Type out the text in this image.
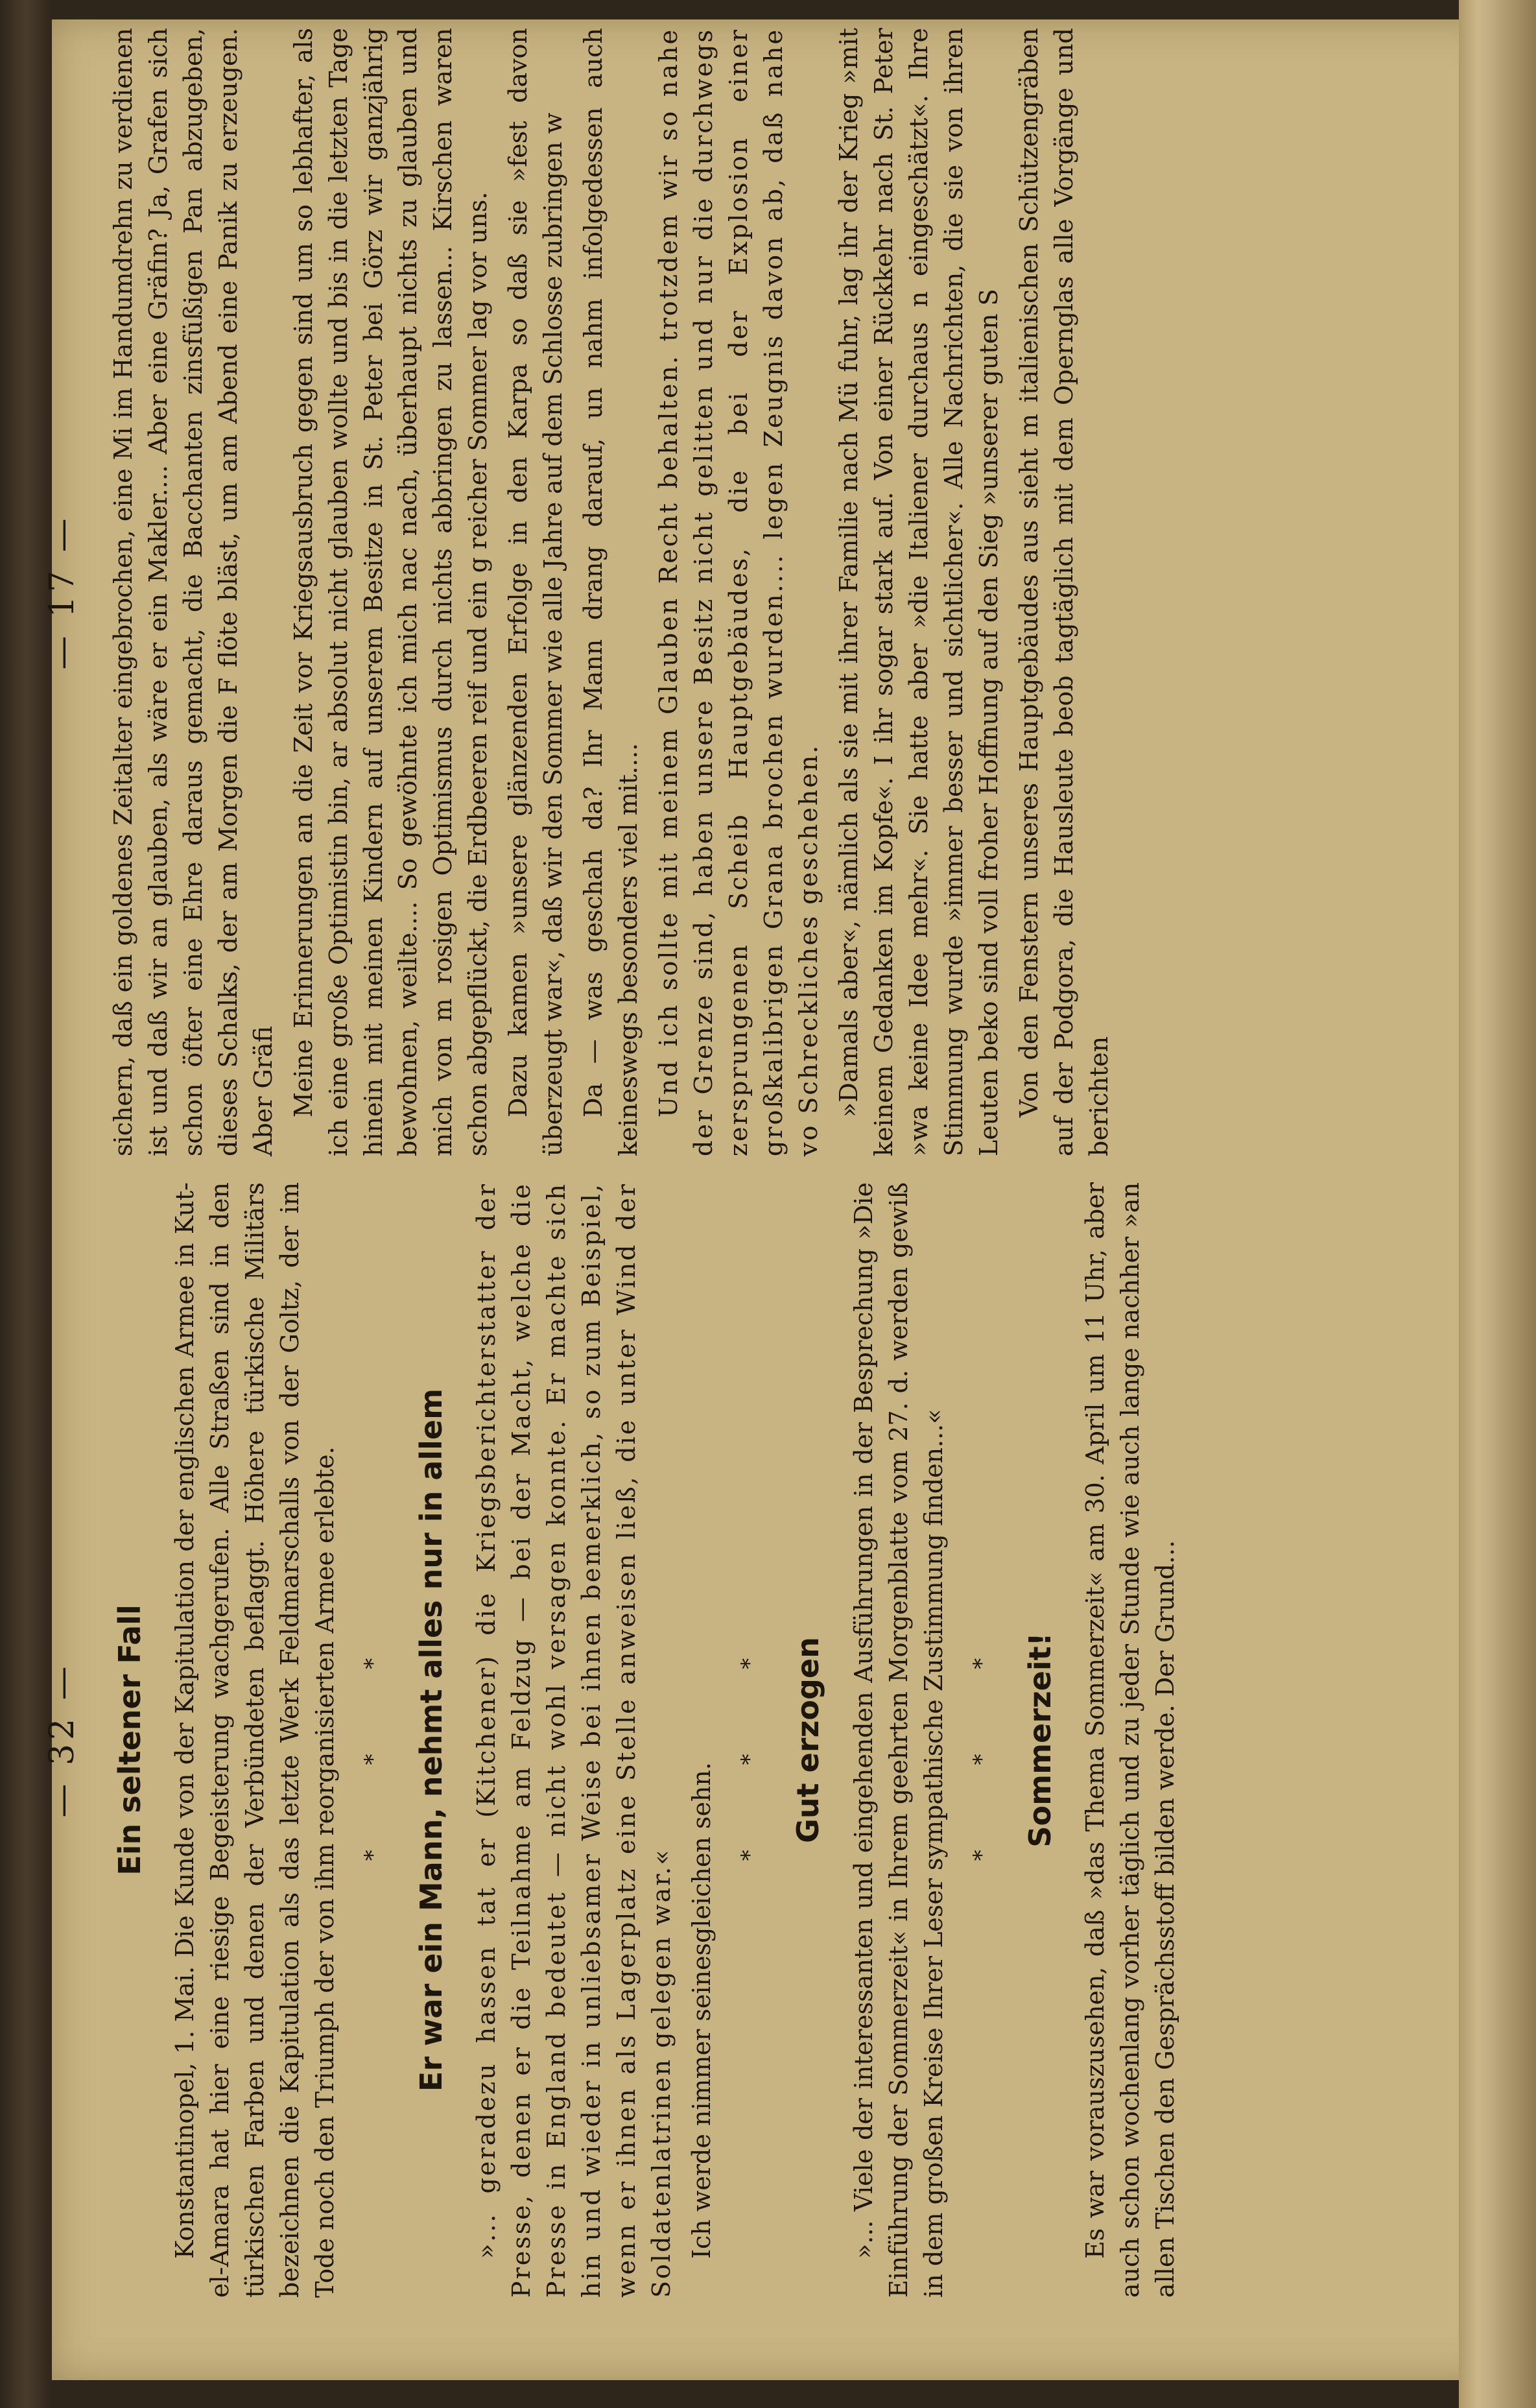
— 32 — Ein seltener Fall Konstantinopel, 1. Mai. Die Kunde von der Kapitulation der englischen Armee in Kut-el-Amara hat hier eine riesige Begeisterung wachgerufen. Alle Straßen sind in den türkischen Farben und denen der Verbündeten beflaggt. Höhere türkische Militärs bezeichnen die Kapitulation als das letzte Werk Feldmarschalls von der Goltz, der im Tode noch den Triumph der von ihm reorganisierten Armee erlebte. * * * Er war ein Mann, nehmt alles nur in allem »... geradezu hassen tat er (Kitchener) die Kriegsberichterstatter der Presse, denen er die Teilnahme am Feldzug — bei der Macht, welche die Presse in England bedeutet — nicht wohl versagen konnte. Er machte sich hin und wieder in unliebsamer Weise bei ihnen bemerklich, so zum Beispiel, wenn er ihnen als Lagerplatz eine Stelle anweisen ließ, die unter Wind der Soldatenlatrinen gelegen war.« Ich werde nimmer seinesgleichen sehn.

* * * Gut erzogen »... Viele der interessanten und eingehenden Ausführungen in der Besprechung »Die Einführung der Sommerzeit« in Ihrem geehrten Morgenblatte vom 27. d. werden gewiß in dem großen Kreise Ihrer Leser sympathische Zustimmung finden...« * * * Sommerzeit! Es war vorauszusehen, daß »das Thema Sommerzeit« am 30. April um 11 Uhr, aber auch schon wochenlang vorher täglich und zu jeder Stunde wie auch lange nachher »an allen Tischen den Gesprächsstoff bilden werde. Der Grund...

— 17 — sichern, daß ein goldenes Zeitalter eingebrochen, eine Mi im Handumdrehn zu verdienen ist und daß wir an glauben, als wäre er ein Makler.... Aber eine Gräfin? Ja, Grafen sich schon öfter eine Ehre daraus gemacht, die Bacchanten zinsfüßigen Pan abzugeben, dieses Schalks, der am Morgen die F flöte bläst, um am Abend eine Panik zu erzeugen. Aber Gräfi Meine Erinnerungen an die Zeit vor Kriegsausbruch gegen sind um so lebhafter, als ich eine große Optimistin bin, ar absolut nicht glauben wollte und bis in die letzten Tage hinein mit meinen Kindern auf unserem Besitze in St. Peter bei Görz wir ganzjährig bewohnen, weilte.... So gewöhnte ich mich nac nach, überhaupt nichts zu glauben und mich von m rosigen Optimismus durch nichts abbringen zu lassen... Kirschen waren schon abgepflückt, die Erdbeeren reif und ein g reicher Sommer lag vor uns. Dazu kamen »unsere glänzenden Erfolge in den Karpa so daß sie »fest davon überzeugt war«, daß wir den Sommer wie alle Jahre auf dem Schlosse zubringen w Da — was geschah da? Ihr Mann drang darauf, un nahm infolgedessen auch keineswegs besonders viel mit.... Und ich sollte mit meinem Glauben Recht behalten. trotzdem wir so nahe der Grenze sind, haben unsere Besitz nicht gelitten und nur die durchwegs zersprungenen Scheib Hauptgebäudes, die bei der Explosion einer großkalibrigen Grana brochen wurden.... legen Zeugnis davon ab, daß nahe vo Schreckliches geschehen. »Damals aber«, nämlich als sie mit ihrer Familie nach Mü fuhr, lag ihr der Krieg »mit keinem Gedanken im Kopfe«. I ihr sogar stark auf. Von einer Rückkehr nach St. Peter »wa keine Idee mehr«. Sie hatte aber »die Italiener durchaus n eingeschätzt«. Ihre Stimmung wurde »immer besser und sichtlicher«. Alle Nachrichten, die sie von ihren Leuten beko sind voll froher Hoffnung auf den Sieg »unserer guten S Von den Fenstern unseres Hauptgebäudes aus sieht m italienischen Schützengräben auf der Podgora, die Hausleute beob tagtäglich mit dem Opernglas alle Vorgänge und berichten
